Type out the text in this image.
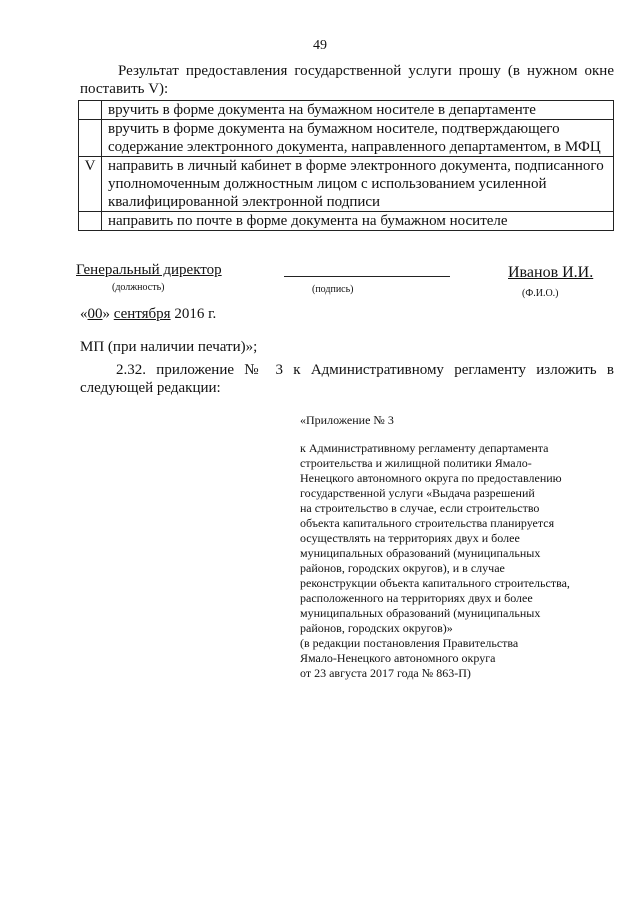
49
Результат предоставления государственной услуги прошу (в нужном окне поставить V):
	вручить в форме документа на бумажном носителе в департаменте
	вручить в форме документа на бумажном носителе, подтверждающего содержание электронного документа, направленного департаментом, в МФЦ
V	направить в личный кабинет в форме электронного документа, подписанного уполномоченным должностным лицом с использованием усиленной квалифицированной электронной подписи
	направить по почте в форме документа на бумажном носителе
Генеральный директор
(должность)	(подпись)
Иванов И.И.
(Ф.И.О.)
«00» сентября 2016 г.
МП (при наличии печати)»;
2.32. приложение № 3 к Административному регламенту изложить в следующей редакции:
«Приложение № 3
к Административному регламенту департамента
строительства и жилищной политики Ямало-
Ненецкого автономного округа по предоставлению
государственной услуги «Выдача разрешений
на строительство в случае, если строительство
объекта капитального строительства планируется
осуществлять на территориях двух и более
муниципальных образований (муниципальных
районов, городских округов), и в случае
реконструкции объекта капитального строительства,
расположенного на территориях двух и более
муниципальных образований (муниципальных
районов, городских округов)»
(в редакции постановления Правительства
Ямало-Ненецкого автономного округа
от 23 августа 2017 года № 863-П)
